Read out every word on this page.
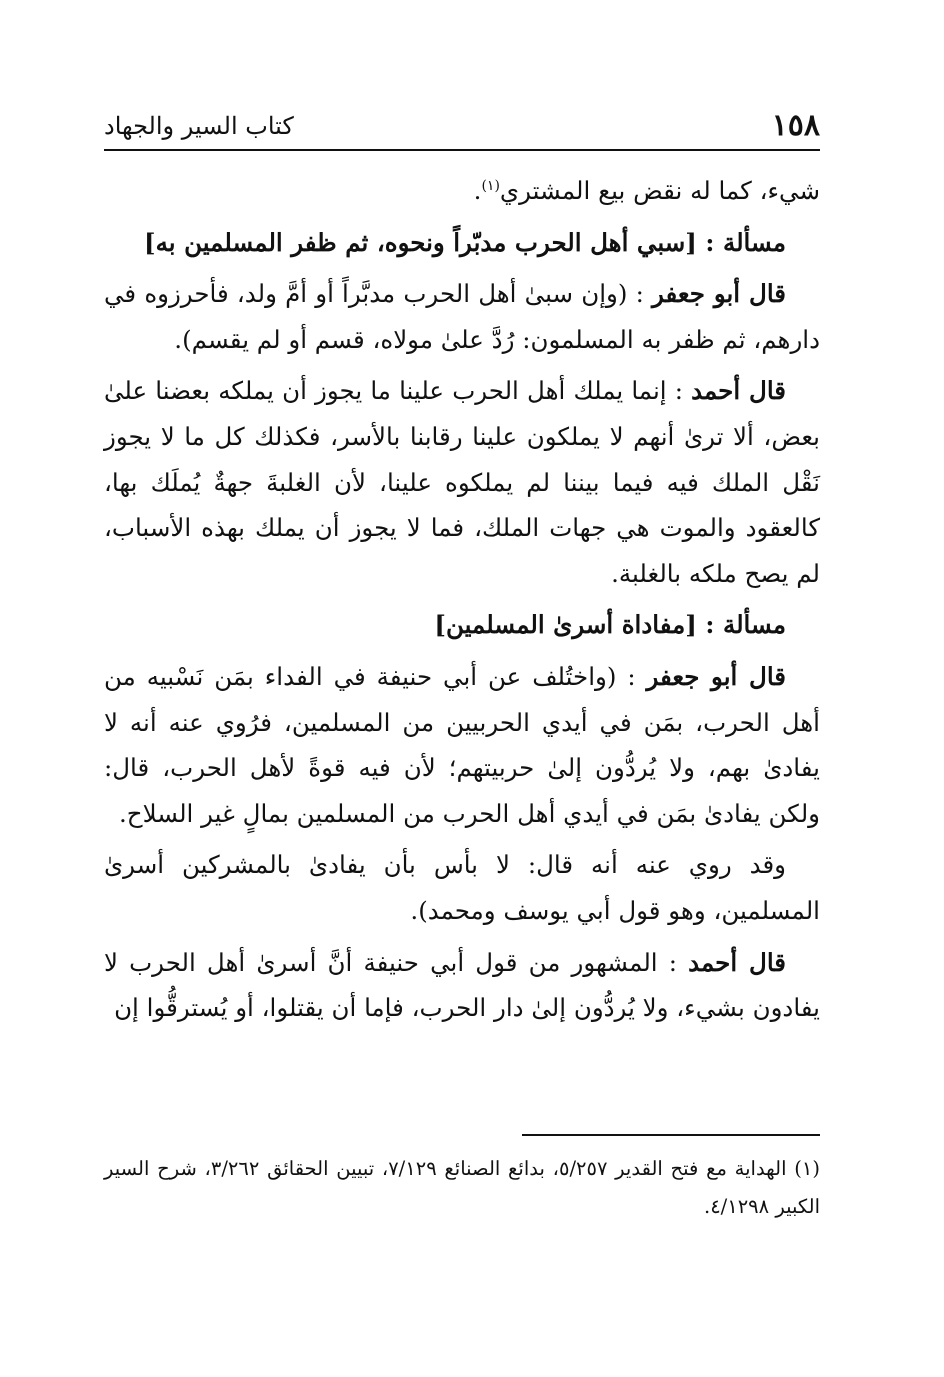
١٥٨
كتاب السير والجهاد

شيء، كما له نقض بيع المشتري$^{(١)}$.

مسألة : [سبي أهل الحرب مدبّراً ونحوه، ثم ظفر المسلمين به]

قال أبو جعفر : (وإن سبىٰ أهل الحرب مدبَّراً أو أمَّ ولد، فأحرزوه في دارهم، ثم ظفر به المسلمون: رُدَّ علىٰ مولاه، قسم أو لم يقسم).

قال أحمد : إنما يملك أهل الحرب علينا ما يجوز أن يملكه بعضنا علىٰ بعض، ألا ترىٰ أنهم لا يملكون علينا رقابنا بالأسر، فكذلك كل ما لا يجوز نَقْل الملك فيه فيما بيننا لم يملكوه علينا، لأن الغلبةَ جهةٌ يُملَك بها، كالعقود والموت هي جهات الملك، فما لا يجوز أن يملك بهذه الأسباب، لم يصح ملكه بالغلبة.

مسألة : [مفاداة أسرىٰ المسلمين]

قال أبو جعفر : (واختُلف عن أبي حنيفة في الفداء بمَن نَسْبيه من أهل الحرب، بمَن في أيدي الحربيين من المسلمين، فرُوي عنه أنه لا يفادىٰ بهم، ولا يُردُّون إلىٰ حربيتهم؛ لأن فيه قوةً لأهل الحرب، قال: ولكن يفادىٰ بمَن في أيدي أهل الحرب من المسلمين بمالٍ غير السلاح.

وقد روي عنه أنه قال: لا بأس بأن يفادىٰ بالمشركين أسرىٰ المسلمين، وهو قول أبي يوسف ومحمد).

قال أحمد : المشهور من قول أبي حنيفة أنَّ أسرىٰ أهل الحرب لا يفادون بشيء، ولا يُردُّون إلىٰ دار الحرب، فإما أن يقتلوا، أو يُسترقُّوا إن

(١) الهداية مع فتح القدير ٥/٢٥٧، بدائع الصنائع ٧/١٢٩، تبيين الحقائق ٣/٢٦٢، شرح السير الكبير ٤/١٢٩٨.
